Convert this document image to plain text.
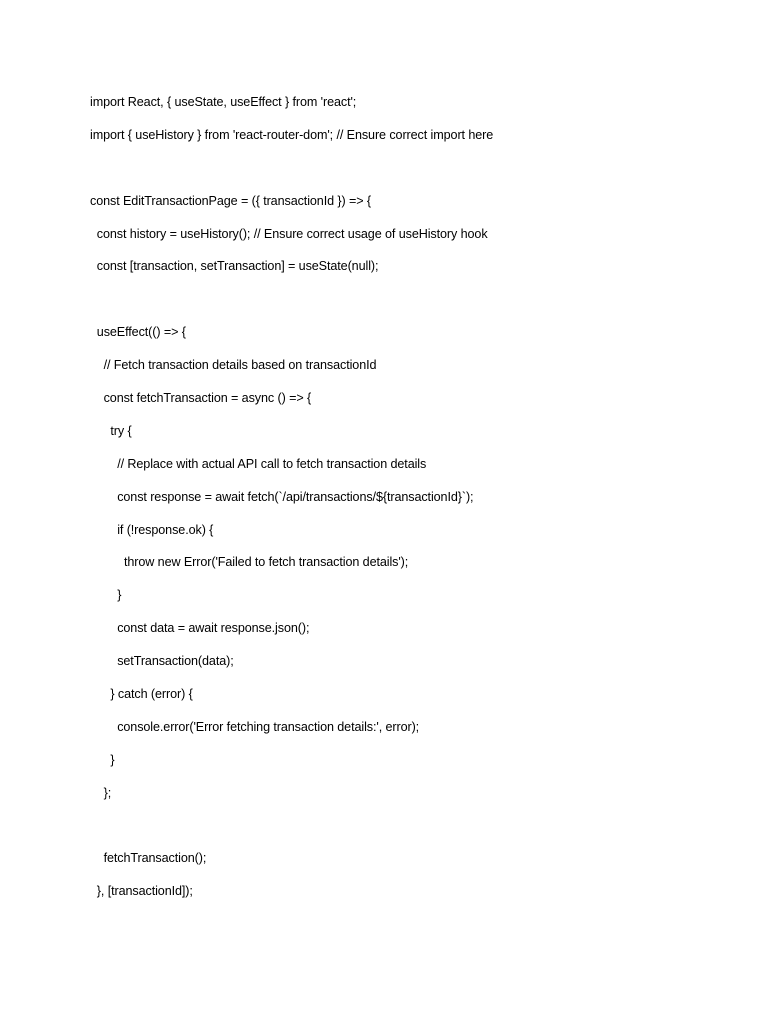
import React, { useState, useEffect } from 'react';
import { useHistory } from 'react-router-dom'; // Ensure correct import here
const EditTransactionPage = ({ transactionId }) => {
const history = useHistory(); // Ensure correct usage of useHistory hook
const [transaction, setTransaction] = useState(null);
useEffect(() => {
// Fetch transaction details based on transactionId
const fetchTransaction = async () => {
try {
// Replace with actual API call to fetch transaction details
const response = await fetch(`/api/transactions/${transactionId}`);
if (!response.ok) {
throw new Error('Failed to fetch transaction details');
}
const data = await response.json();
setTransaction(data);
} catch (error) {
console.error('Error fetching transaction details:', error);
}
};
fetchTransaction();
}, [transactionId]);
